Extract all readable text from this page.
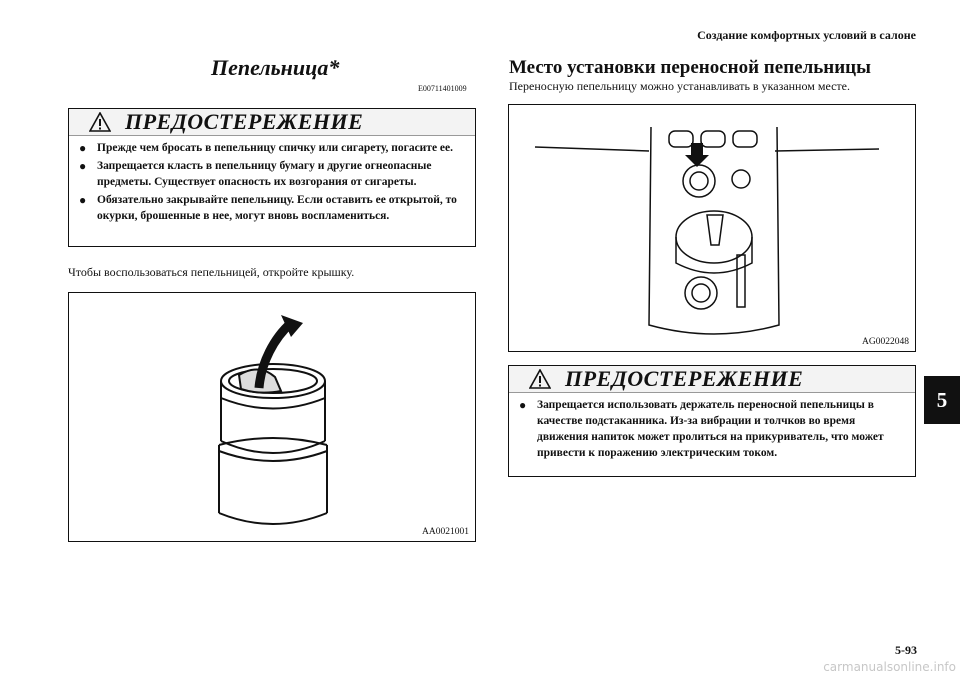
Создание комфортных условий в салоне
Пепельница*
E00711401009
ПРЕДОСТЕРЕЖЕНИЕ
● Прежде чем бросать в пепельницу спичку или сигарету, погасите ее.
● Запрещается класть в пепельницу бумагу и другие огнеопасные предметы. Существует опасность их возгорания от сигареты.
● Обязательно закрывайте пепельницу. Если оставить ее открытой, то окурки, брошенные в нее, могут вновь воспламениться.
Чтобы воспользоваться пепельницей, откройте крышку.
AA0021001
Место установки переносной пепельницы
Переносную пепельницу можно устанавливать в указанном месте.
AG0022048
ПРЕДОСТЕРЕЖЕНИЕ
● Запрещается использовать держатель переносной пепельницы в качестве подстаканника. Из-за вибрации и толчков во время движения напиток может пролиться на прикуриватель, что может привести к поражению электрическим током.
5
5-93
carmanualsonline.info
